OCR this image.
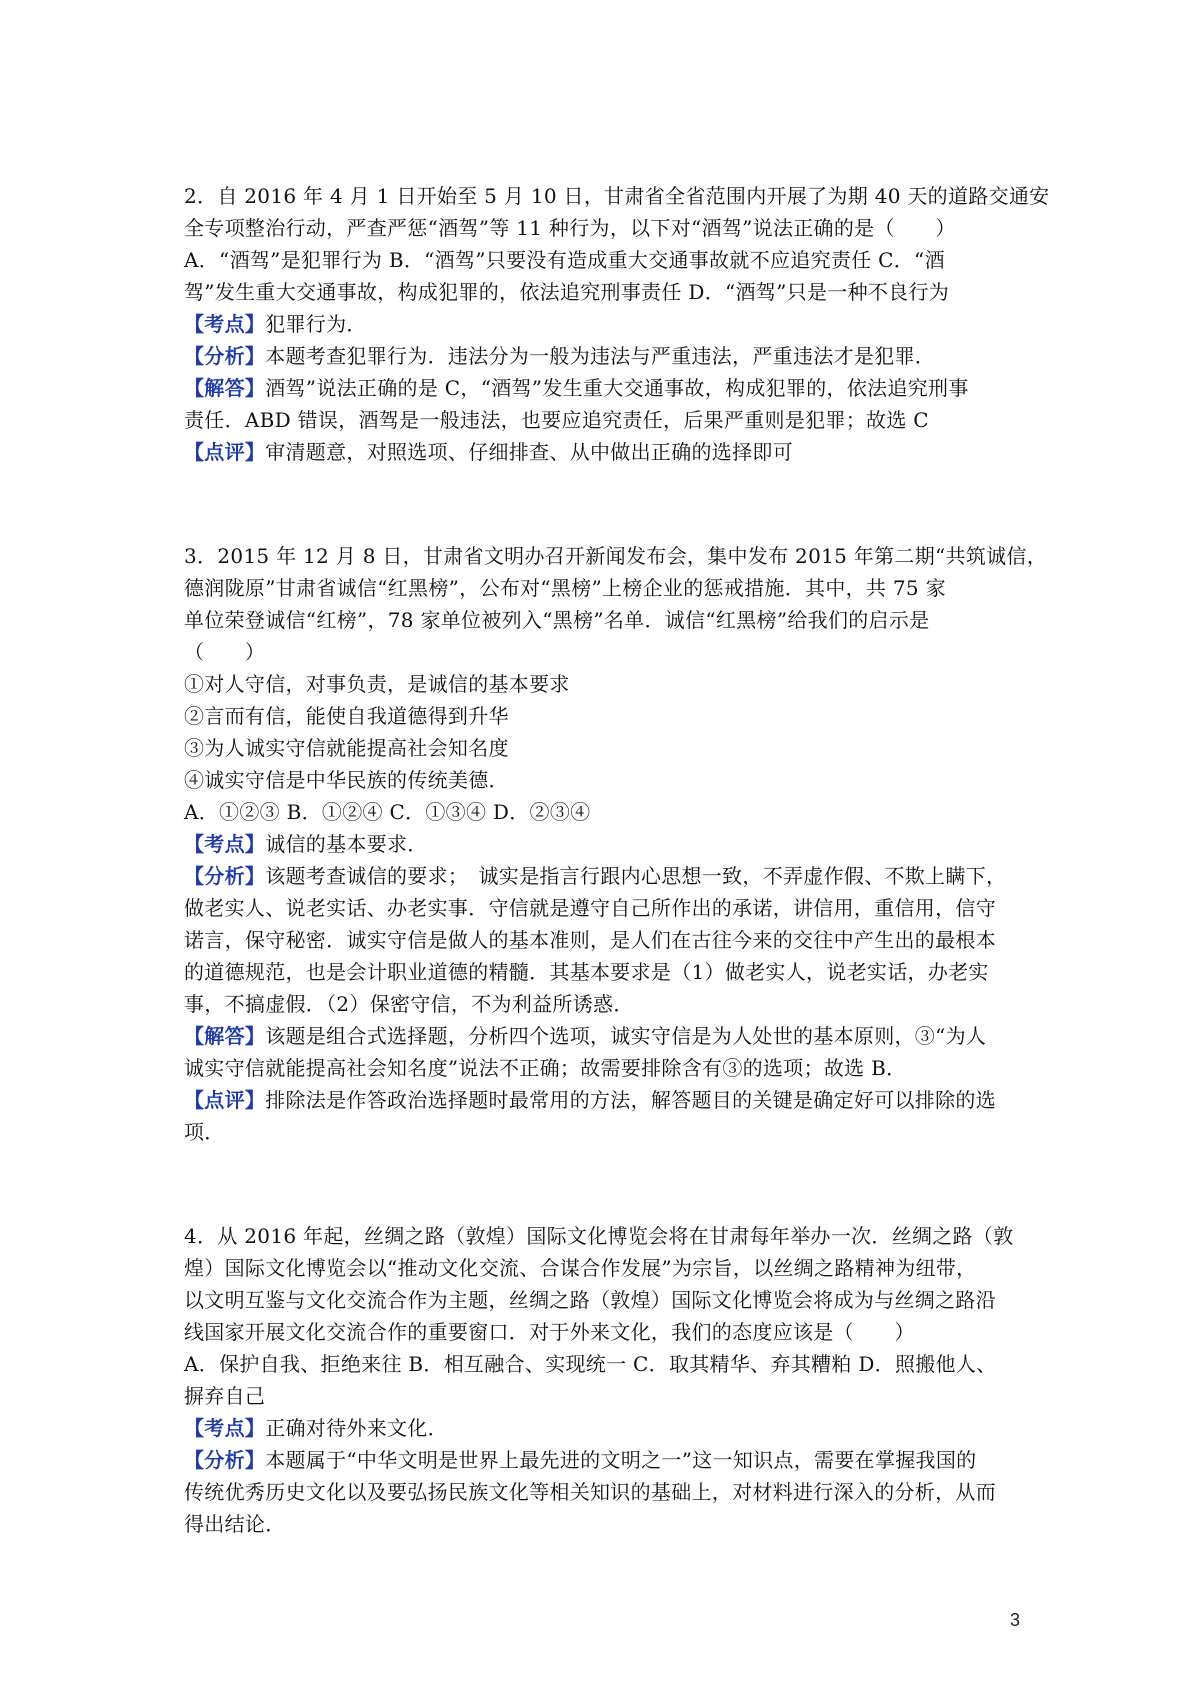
2．自 2016 年 4 月 1 日开始至 5 月 10 日，甘肃省全省范围内开展了为期 40 天的道路交通安
全专项整治行动，严查严惩“酒驾”等 11 种行为，以下对“酒驾”说法正确的是（　　）
A．“酒驾”是犯罪行为 B．“酒驾”只要没有造成重大交通事故就不应追究责任 C．“酒
驾”发生重大交通事故，构成犯罪的，依法追究刑事责任 D．“酒驾”只是一种不良行为
【考点】犯罪行为．
【分析】本题考查犯罪行为．违法分为一般为违法与严重违法，严重违法才是犯罪．
【解答】酒驾”说法正确的是 C，“酒驾”发生重大交通事故，构成犯罪的，依法追究刑事
责任．ABD 错误，酒驾是一般违法，也要应追究责任，后果严重则是犯罪；故选 C
【点评】审清题意，对照选项、仔细排查、从中做出正确的选择即可
3．2015 年 12 月 8 日，甘肃省文明办召开新闻发布会，集中发布 2015 年第二期“共筑诚信，
德润陇原”甘肃省诚信“红黑榜”，公布对“黑榜”上榜企业的惩戒措施．其中，共 75 家
单位荣登诚信“红榜”，78 家单位被列入“黑榜”名单．诚信“红黑榜”给我们的启示是
（　　）
①对人守信，对事负责，是诚信的基本要求
②言而有信，能使自我道德得到升华
③为人诚实守信就能提高社会知名度
④诚实守信是中华民族的传统美德．
A．①②③ B．①②④ C．①③④ D．②③④
【考点】诚信的基本要求．
【分析】该题考查诚信的要求；　诚实是指言行跟内心思想一致，不弄虚作假、不欺上瞒下，
做老实人、说老实话、办老实事．守信就是遵守自己所作出的承诺，讲信用，重信用，信守
诺言，保守秘密．诚实守信是做人的基本准则，是人们在古往今来的交往中产生出的最根本
的道德规范，也是会计职业道德的精髓．其基本要求是（1）做老实人，说老实话，办老实
事，不搞虚假．（2）保密守信，不为利益所诱惑．
【解答】该题是组合式选择题，分析四个选项，诚实守信是为人处世的基本原则，③“为人
诚实守信就能提高社会知名度”说法不正确；故需要排除含有③的选项；故选 B．
【点评】排除法是作答政治选择题时最常用的方法，解答题目的关键是确定好可以排除的选
项．
4．从 2016 年起，丝绸之路（敦煌）国际文化博览会将在甘肃每年举办一次．丝绸之路（敦
煌）国际文化博览会以“推动文化交流、合谋合作发展”为宗旨，以丝绸之路精神为纽带，
以文明互鉴与文化交流合作为主题，丝绸之路（敦煌）国际文化博览会将成为与丝绸之路沿
线国家开展文化交流合作的重要窗口．对于外来文化，我们的态度应该是（　　）
A．保护自我、拒绝来往 B．相互融合、实现统一 C．取其精华、弃其糟粕 D．照搬他人、
摒弃自己
【考点】正确对待外来文化．
【分析】本题属于“中华文明是世界上最先进的文明之一”这一知识点，需要在掌握我国的
传统优秀历史文化以及要弘扬民族文化等相关知识的基础上，对材料进行深入的分析，从而
得出结论．
3
